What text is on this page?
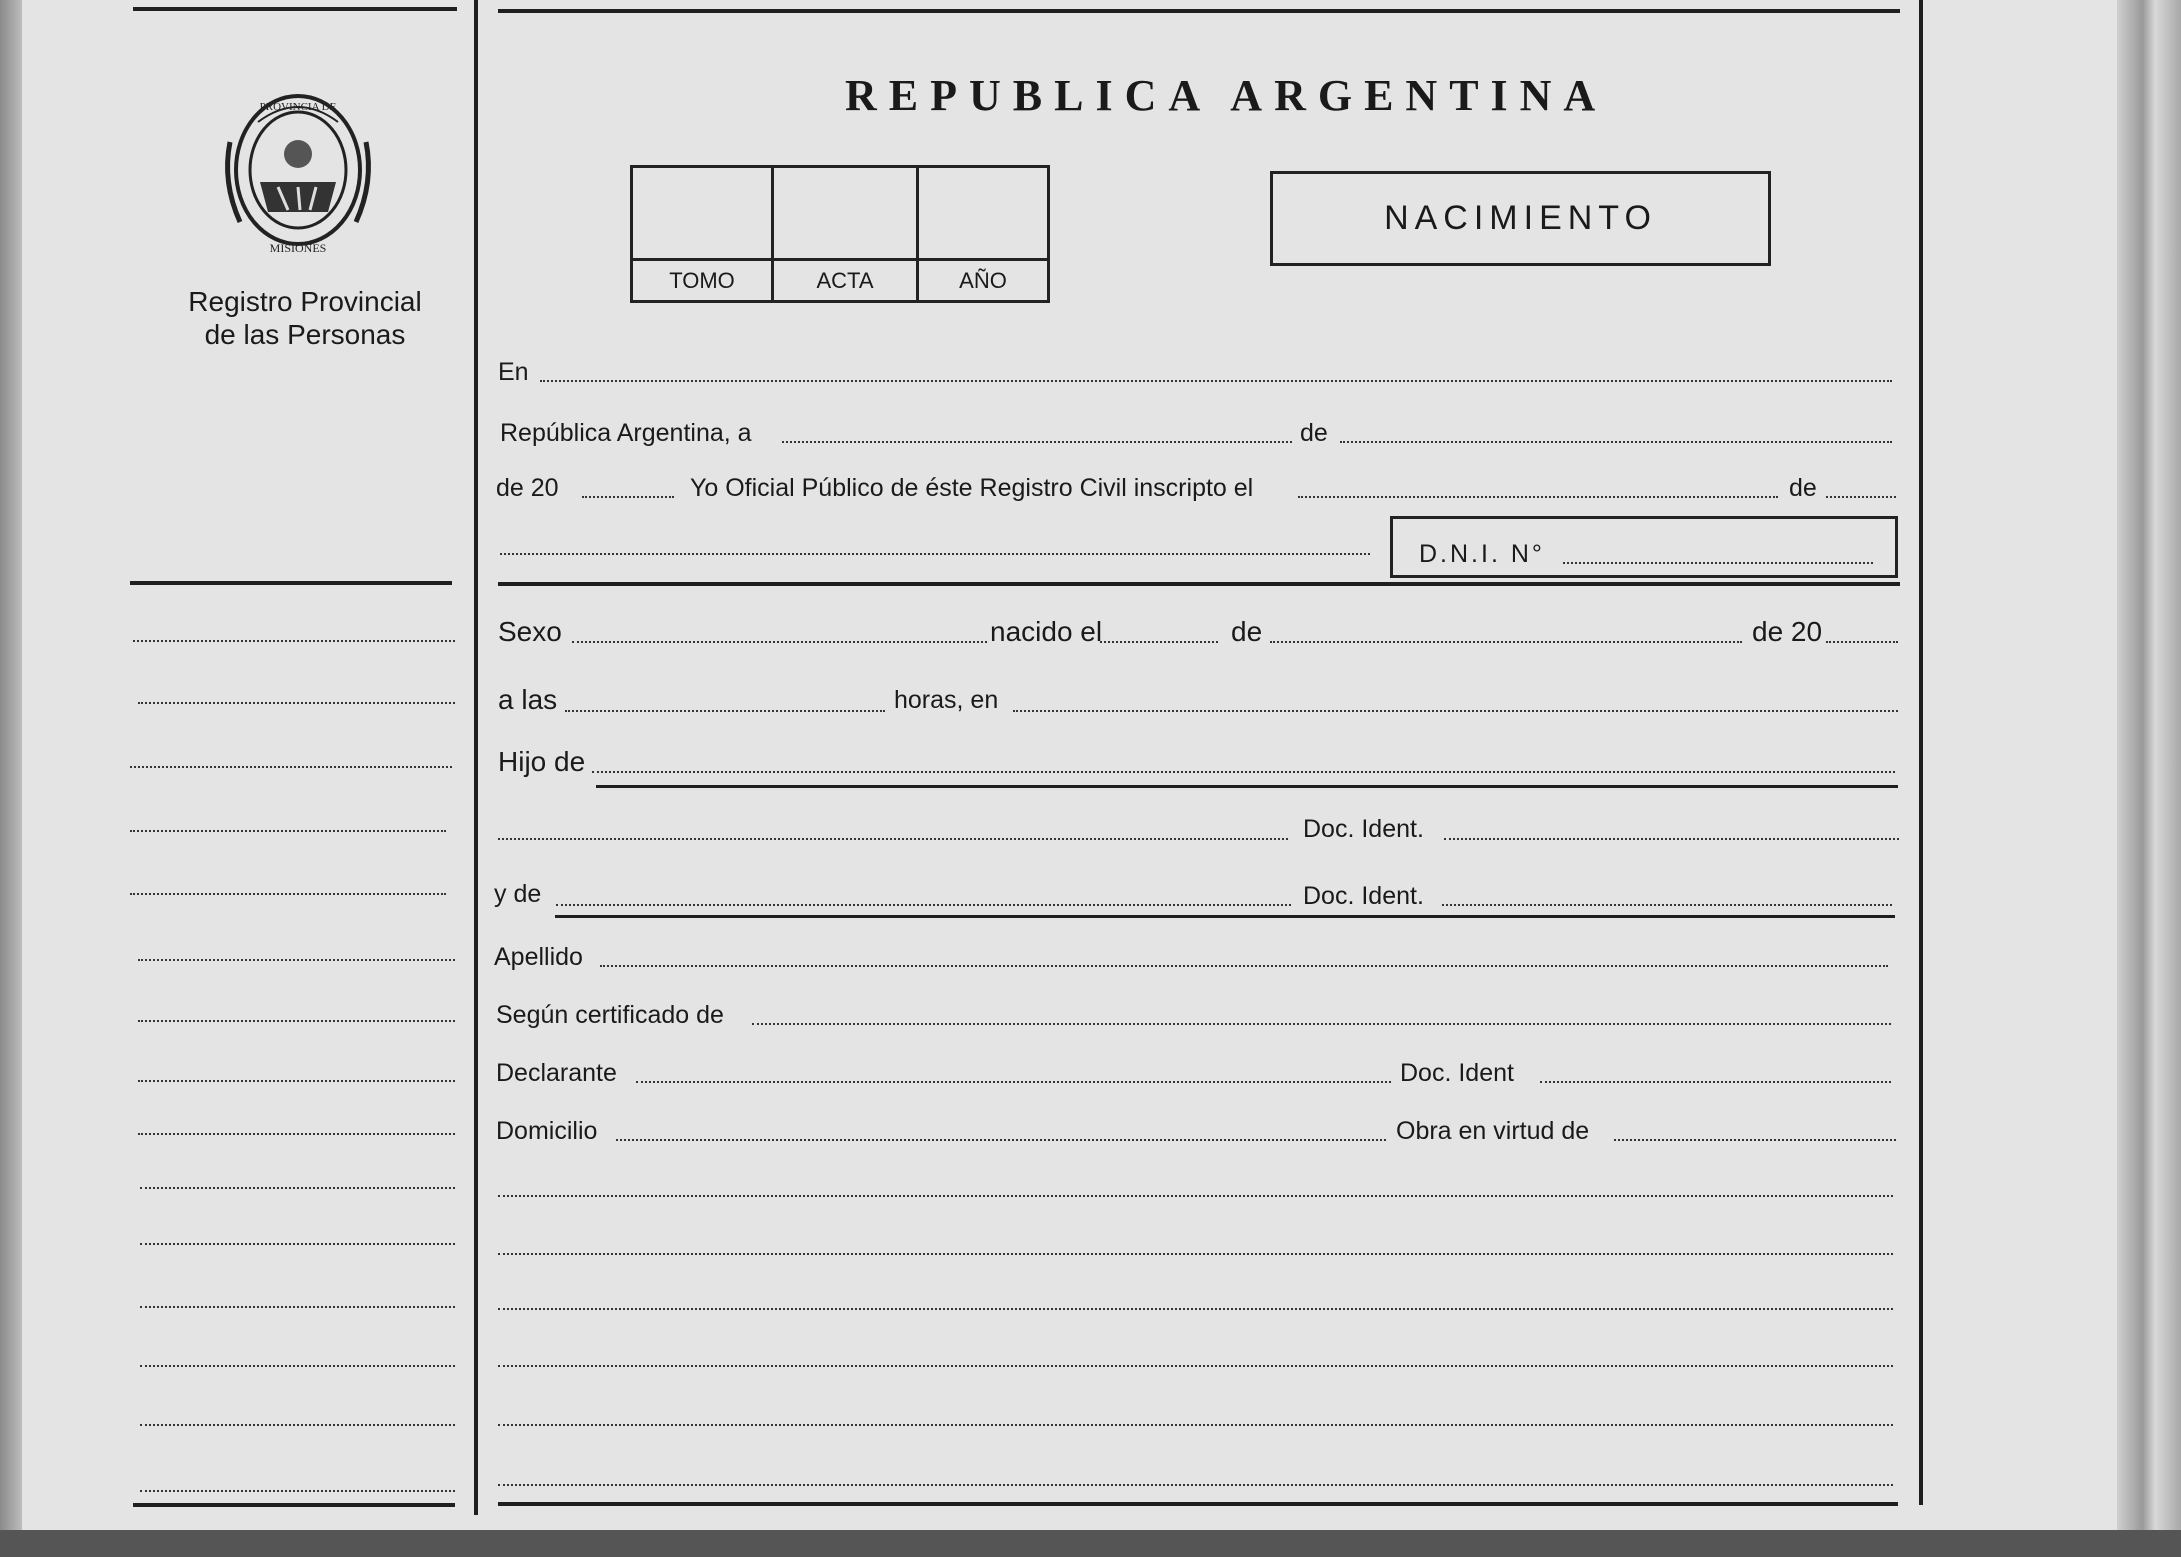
PROVINCIA DE
MISIONES
Registro Provincial
de las Personas
REPUBLICA ARGENTINA
TOMO	ACTA	AÑO
NACIMIENTO
En
República Argentina, a	de
de 20	Yo Oficial Público de éste Registro Civil inscripto el	de
D.N.I. N°
Sexo	nacido el	de	de 20
a las	horas, en
Hijo de
Doc. Ident.
y de	Doc. Ident.
Apellido
Según certificado de
Declarante	Doc. Ident
Domicilio	Obra en virtud de
